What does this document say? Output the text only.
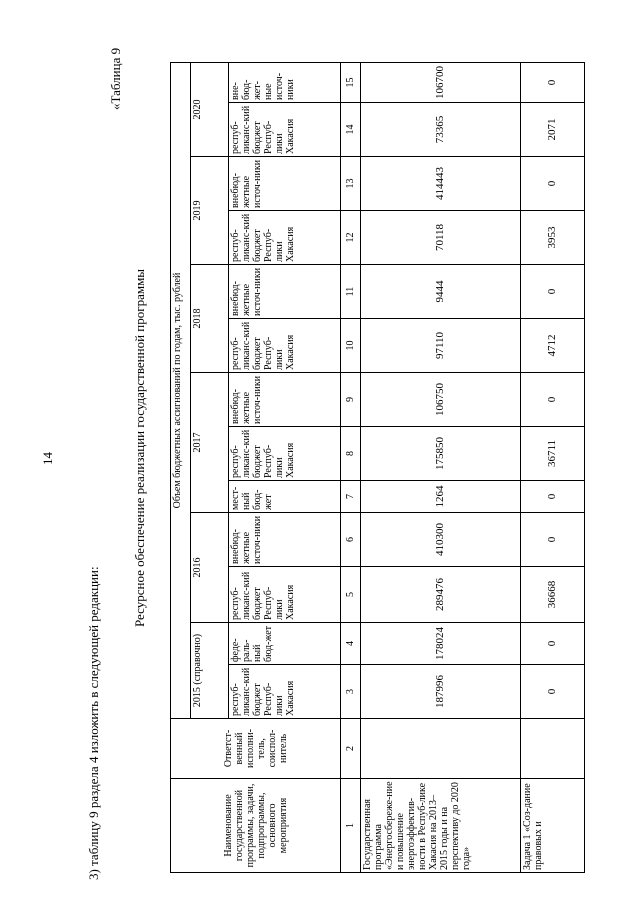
14
3) таблицу 9 раздела 4 изложить в следующей редакции:
«Таблица 9
Ресурсное обеспечение реализации государственной программы
Наименование государственной программы, задачи, подпрограммы, основного мероприятия	Ответст-венный исполни-тель, соиспол-нитель	Объем бюджетных ассигнований по годам, тыс. рублей												
		2015 (справочно)		2016		2017			2018		2019		2020	
		респуб-ликанс-кий бюджет Респуб-лики Хакасия	феде-раль-ный бюд-жет	респуб-ликанс-кий бюджет Респуб-лики Хакасия	внебюд-жетные источ-ники	мест-ный бюд-жет	респуб-ликанс-кий бюджет Респуб-лики Хакасия	внебюд-жетные источ-ники	респуб-ликанс-кий бюджет Респуб-лики Хакасия	внебюд-жетные источ-ники	респуб-ликанс-кий бюджет Респуб-лики Хакасия	внебюд-жетные источ-ники	респуб-ликанс-кий бюджет Респуб-лики Хакасия	вне-бюд-жет-ные источ-ники
1	2	3	4	5	6	7	8	9	10	11	12	13	14	15
Государственная программа «Энергосбереже-ние и повышение энергоэффектив-ности в Респуб-лике Хакасия на 2013–2015 годы и на перспективу до 2020 года»		187996	178024	289476	410300	1264	175850	106750	97110	9444	70118	414443	73365	106700
Задача 1 «Соз-дание правовых и		0	0	36668	0	0	36711	0	4712	0	3953	0	2071	0
